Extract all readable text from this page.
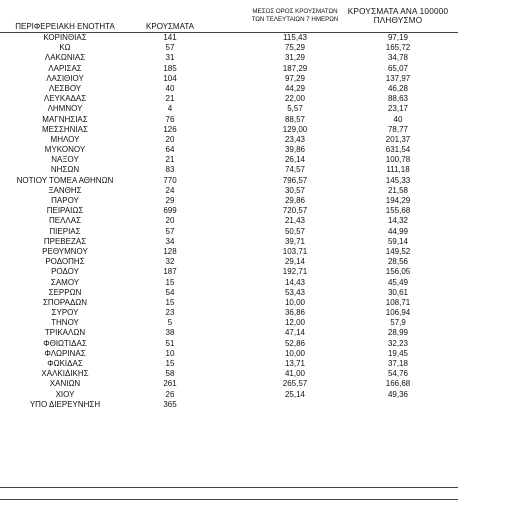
ΠΕΡΙΦΕΡΕΙΑΚΗ ΕΝΟΤΗΤΑ	ΚΡΟΥΣΜΑΤΑ
ΜΕΣΟΣ ΟΡΟΣ ΚΡΟΥΣΜΑΤΩΝ
ΤΩΝ ΤΕΛΕΥΤΑΙΩΝ 7 ΗΜΕΡΩΝ
ΚΡΟΥΣΜΑΤΑ ΑΝΑ 100000
ΠΛΗΘΥΣΜΟ
ΚΟΡΙΝΘΙΑΣ	141	115,43	97,19
ΚΩ	57	75,29	165,72
ΛΑΚΩΝΙΑΣ	31	31,29	34,78
ΛΑΡΙΣΑΣ	185	187,29	65,07
ΛΑΣΙΘΙΟΥ	104	97,29	137,97
ΛΕΣΒΟΥ	40	44,29	46,28
ΛΕΥΚΑΔΑΣ	21	22,00	88,63
ΛΗΜΝΟΥ	4	5,57	23,17
ΜΑΓΝΗΣΙΑΣ	76	88,57	40
ΜΕΣΣΗΝΙΑΣ	126	129,00	78,77
ΜΗΛΟΥ	20	23,43	201,37
ΜΥΚΟΝΟΥ	64	39,86	631,54
ΝΑΞΟΥ	21	26,14	100,78
ΝΗΣΩΝ	83	74,57	111,18
ΝΟΤΙΟΥ ΤΟΜΕΑ ΑΘΗΝΩΝ	770	796,57	145,33
ΞΑΝΘΗΣ	24	30,57	21,58
ΠΑΡΟΥ	29	29,86	194,29
ΠΕΙΡΑΙΩΣ	699	720,57	155,68
ΠΕΛΛΑΣ	20	21,43	14,32
ΠΙΕΡΙΑΣ	57	50,57	44,99
ΠΡΕΒΕΖΑΣ	34	39,71	59,14
ΡΕΘΥΜΝΟΥ	128	103,71	149,52
ΡΟΔΟΠΗΣ	32	29,14	28,56
ΡΟΔΟΥ	187	192,71	156,05
ΣΑΜΟΥ	15	14,43	45,49
ΣΕΡΡΩΝ	54	53,43	30,61
ΣΠΟΡΑΔΩΝ	15	10,00	108,71
ΣΥΡΟΥ	23	36,86	106,94
ΤΗΝΟΥ	5	12,00	57,9
ΤΡΙΚΑΛΩΝ	38	47,14	28,99
ΦΘΙΩΤΙΔΑΣ	51	52,86	32,23
ΦΛΩΡΙΝΑΣ	10	10,00	19,45
ΦΩΚΙΔΑΣ	15	13,71	37,18
ΧΑΛΚΙΔΙΚΗΣ	58	41,00	54,76
ΧΑΝΙΩΝ	261	265,57	166,68
ΧΙΟΥ	26	25,14	49,36
ΥΠΟ ΔΙΕΡΕΥΝΗΣΗ	365
